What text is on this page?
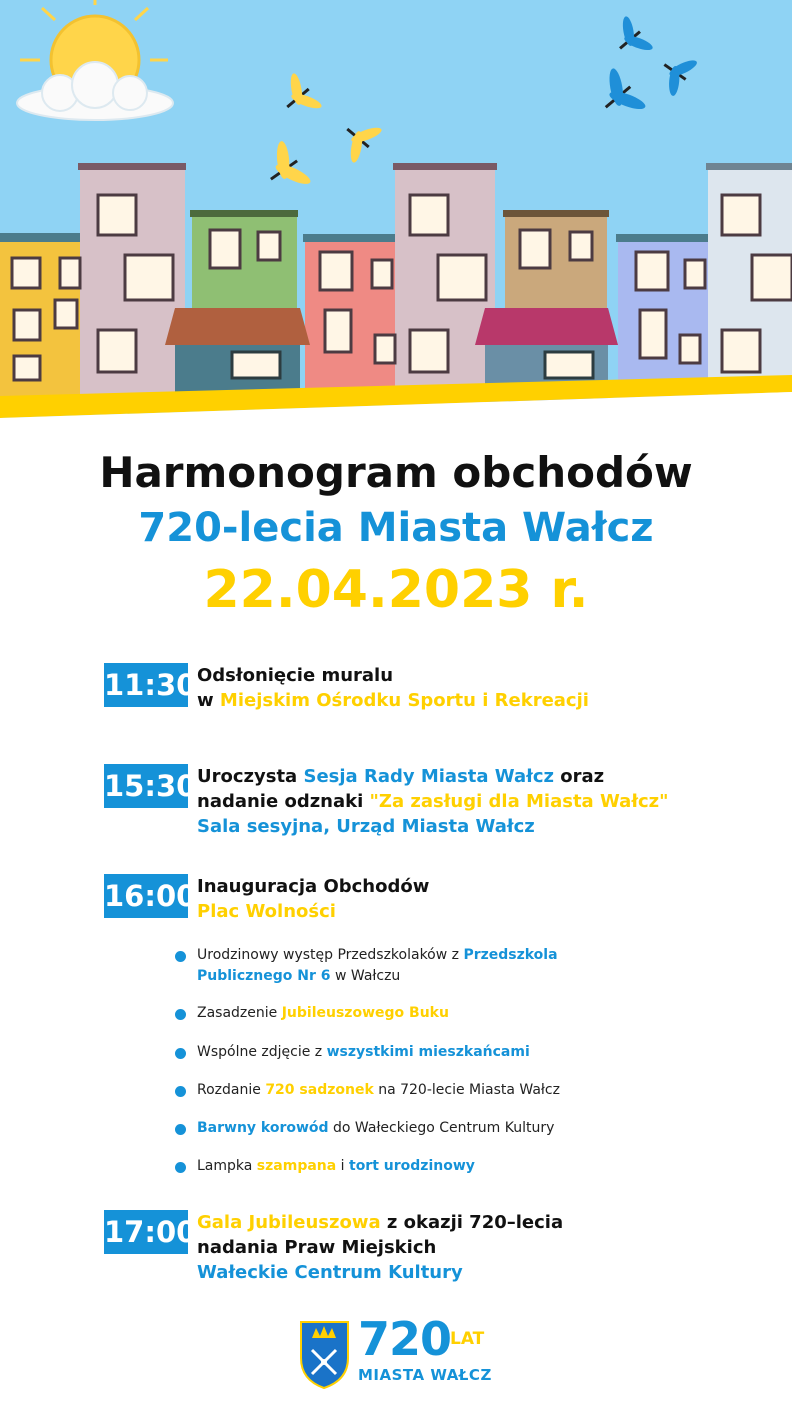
Harmonogram obchodów
720-lecia Miasta Wałcz
22.04.2023 r.
11:30 Odsłonięcie muralu
w Miejskim Ośrodku Sportu i Rekreacji
15:30 Uroczysta Sesja Rady Miasta Wałcz oraz
nadanie odznaki "Za zasługi dla Miasta Wałcz"
Sala sesyjna, Urząd Miasta Wałcz
16:00 Inauguracja Obchodów
Plac Wolności
Urodzinowy występ Przedszkolaków z Przedszkola
Publicznego Nr 6 w Wałczu
Zasadzenie Jubileuszowego Buku
Wspólne zdjęcie z wszystkimi mieszkańcami
Rozdanie 720 sadzonek na 720-lecie Miasta Wałcz
Barwny korowód do Wałeckiego Centrum Kultury
Lampka szampana i tort urodzinowy
17:00 Gala Jubileuszowa z okazji 720–lecia
nadania Praw Miejskich
Wałeckie Centrum Kultury
720
LAT
MIASTA WAŁCZ
